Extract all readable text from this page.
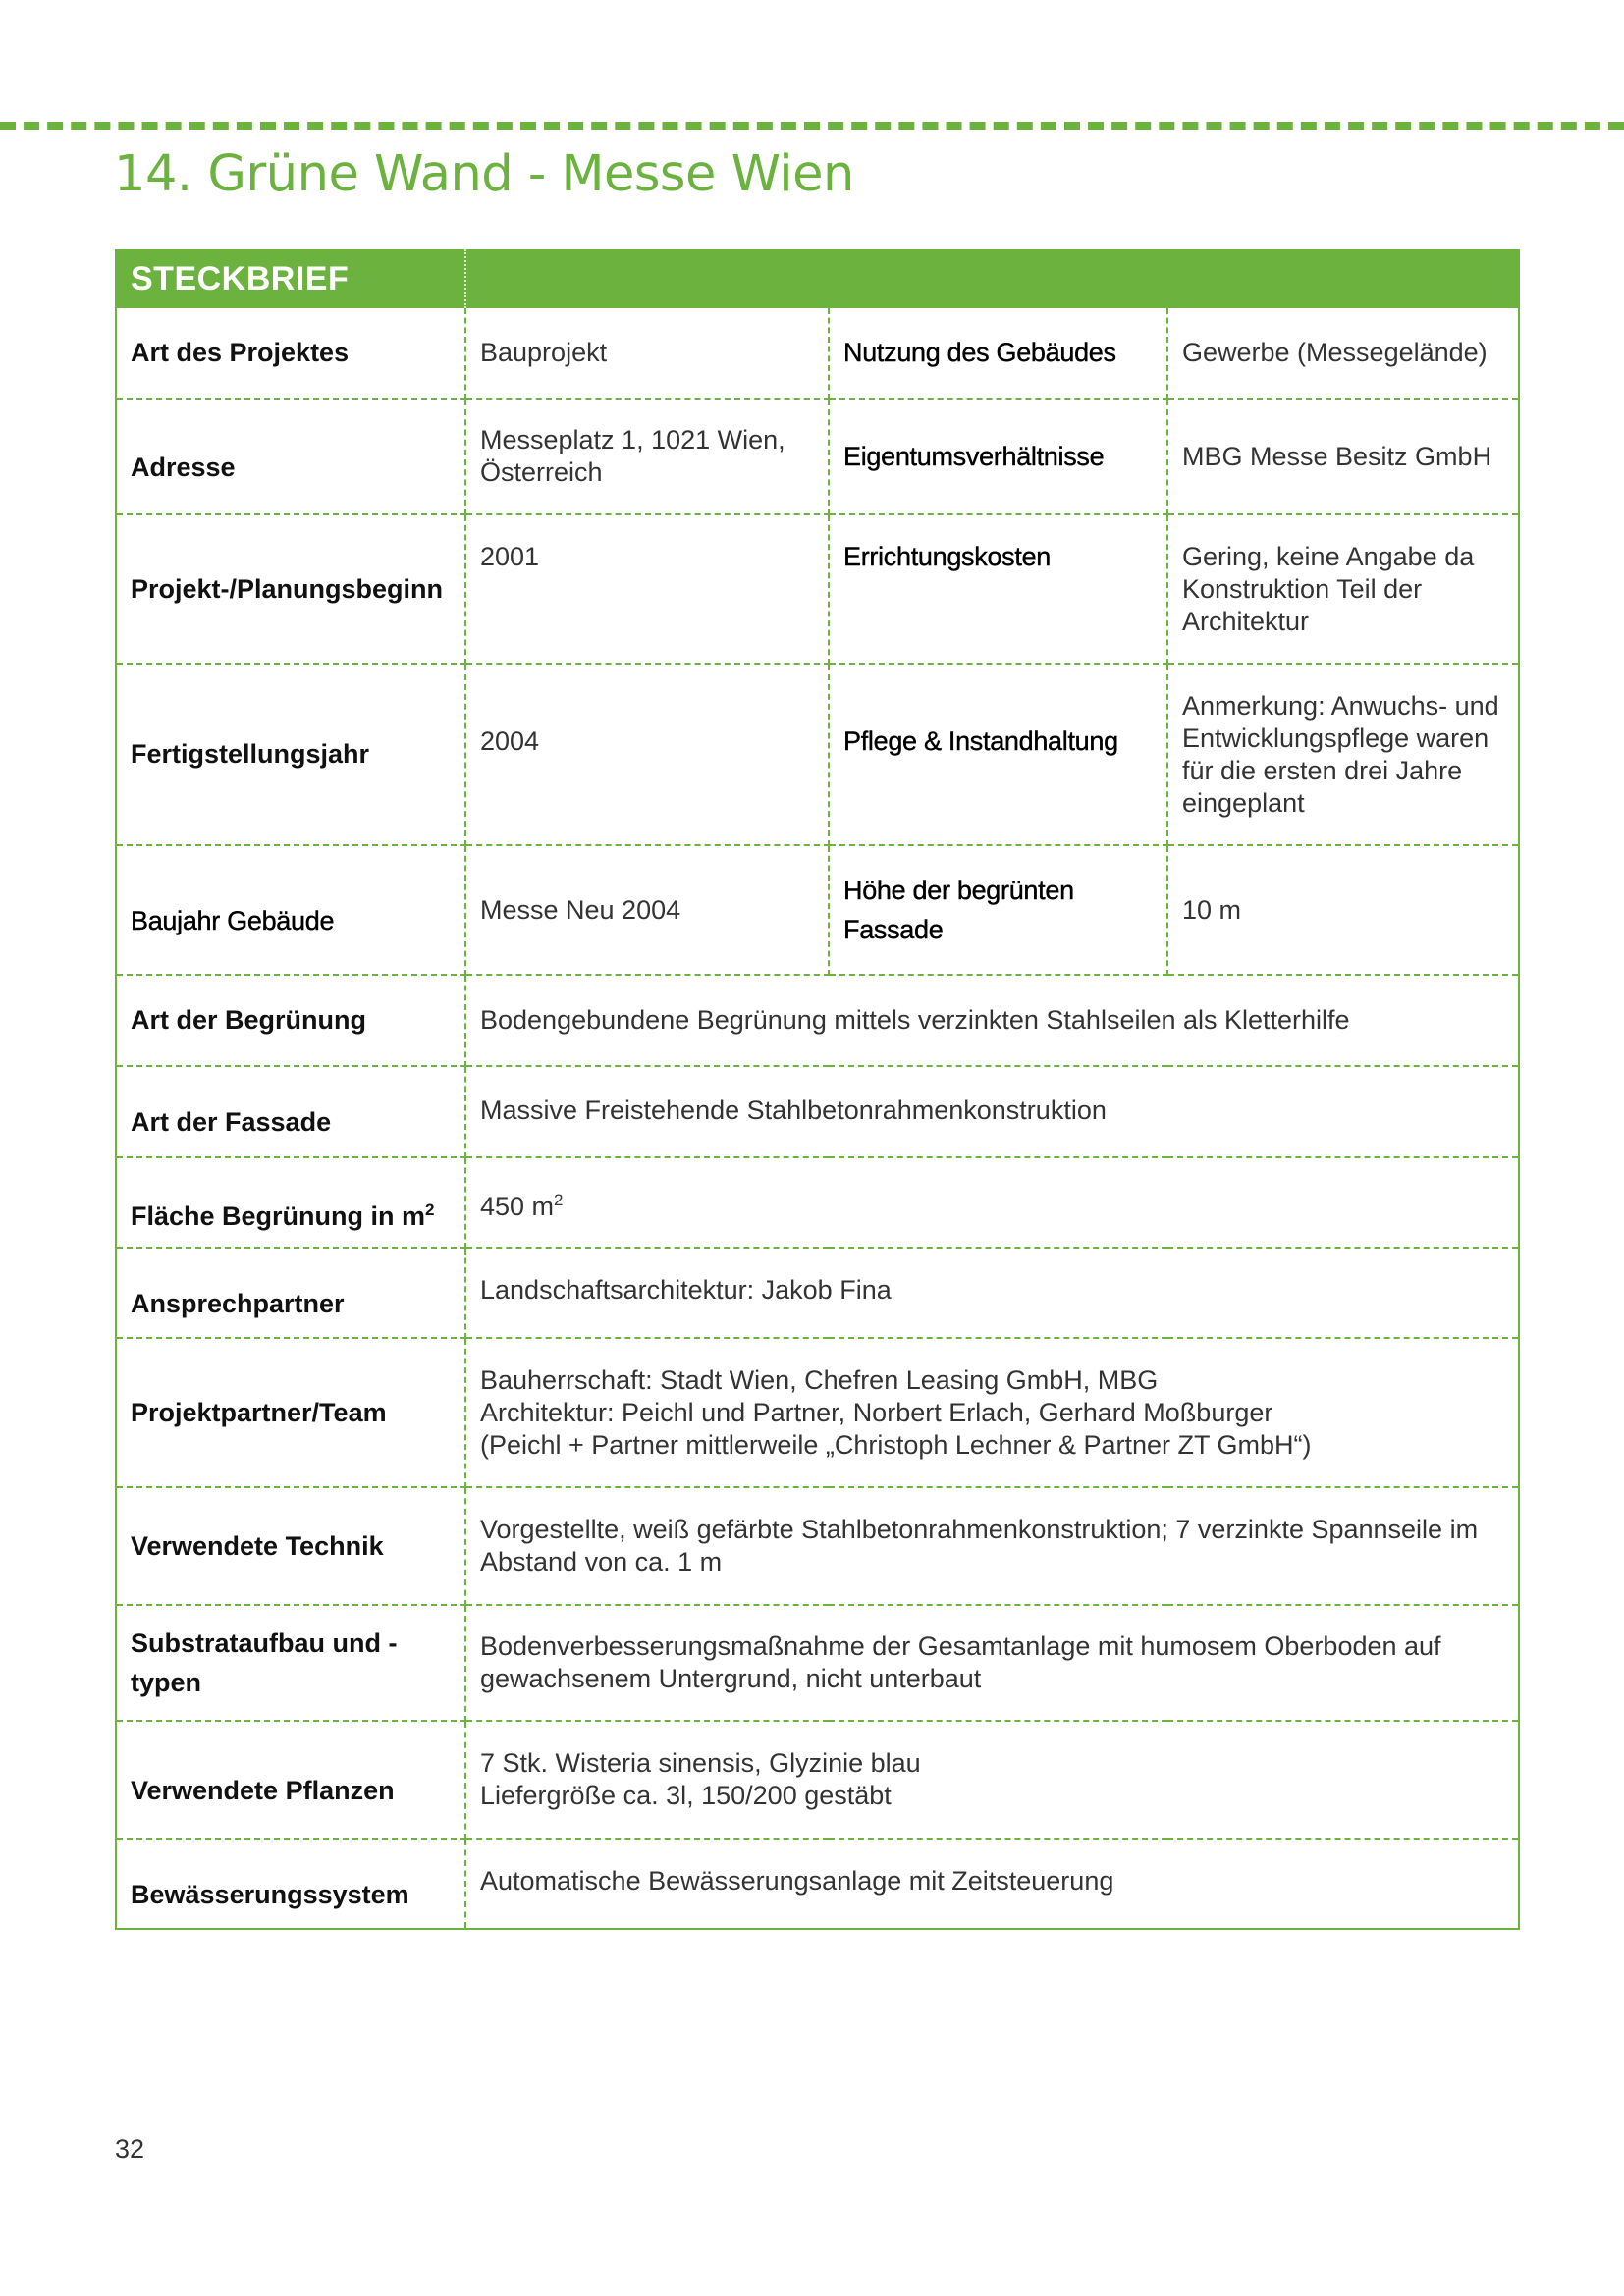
14. Grüne Wand - Messe Wien
STECKBRIEF			
Art des Projektes	Bauprojekt	Nutzung des Gebäudes	Gewerbe (Messegelände)
Adresse	Messeplatz 1, 1021 Wien, Österreich	Eigentumsverhältnisse	MBG Messe Besitz GmbH
Projekt-/Planungsbeginn	2001	Errichtungskosten	Gering, keine Angabe da Konstruktion Teil der Architektur
Fertigstellungsjahr	2004	Pflege & Instandhaltung	Anmerkung: Anwuchs- und Entwicklungspflege waren für die ersten drei Jahre eingeplant
Baujahr Gebäude	Messe Neu 2004	Höhe der begrünten Fassade	10 m
Art der Begrünung	Bodengebundene Begrünung mittels verzinkten Stahlseilen als Kletterhilfe		
Art der Fassade	Massive Freistehende Stahlbetonrahmenkonstruktion		
Fläche Begrünung in $m^2$	450 $m^2$
Ansprechpartner	Landschaftsarchitektur: Jakob Fina		
Projektpartner/Team	Bauherrschaft: Stadt Wien, Chefren Leasing GmbH, MBG
Architektur: Peichl und Partner, Norbert Erlach, Gerhard Moßburger
(Peichl + Partner mittlerweile „Christoph Lechner & Partner ZT GmbH“)		

Verwendete Technik	Vorgestellte, weiß gefärbte Stahlbetonrahmenkonstruktion; 7 verzinkte Spannseile im Abstand von ca. 1 m		
Substrataufbau und -typen	Bodenverbesserungsmaßnahme der Gesamtanlage mit humosem Oberboden auf gewachsenem Untergrund, nicht unterbaut		
Verwendete Pflanzen	7 Stk. Wisteria sinensis, Glyzinie blau
Liefergröße ca. 3l, 150/200 gestäbt		

Bewässerungssystem	Automatische Bewässerungsanlage mit Zeitsteuerung		
32
